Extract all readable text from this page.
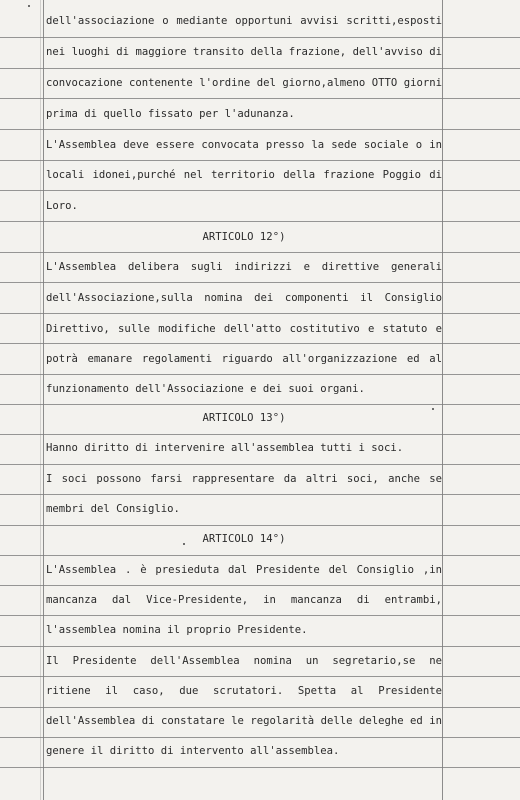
dell'associazione o mediante opportuni avvisi scritti,esposti
nei luoghi di maggiore transito della frazione, dell'avviso di
convocazione contenente l'ordine del giorno,almeno OTTO giorni
prima di quello fissato per l'adunanza.
L'Assemblea deve essere convocata presso la sede sociale o in
locali idonei,purché nel territorio della frazione Poggio di
Loro.
ARTICOLO 12°)
L'Assemblea delibera sugli indirizzi e direttive generali
dell'Associazione,sulla nomina dei componenti il Consiglio
Direttivo, sulle modifiche dell'atto costitutivo e statuto e
potrà emanare regolamenti riguardo all'organizzazione ed al
funzionamento dell'Associazione e dei suoi organi.
ARTICOLO 13°)
Hanno diritto di intervenire all'assemblea tutti i soci.
I soci possono farsi rappresentare da altri soci, anche se
membri del Consiglio.
ARTICOLO 14°)
L'Assemblea . è presieduta dal Presidente del Consiglio ,in
mancanza dal Vice-Presidente, in mancanza di entrambi,
l'assemblea nomina il proprio Presidente.
Il Presidente dell'Assemblea nomina un segretario,se ne
ritiene il caso, due scrutatori. Spetta al Presidente
dell'Assemblea di constatare le regolarità delle deleghe ed in
genere il diritto di intervento all'assemblea.
